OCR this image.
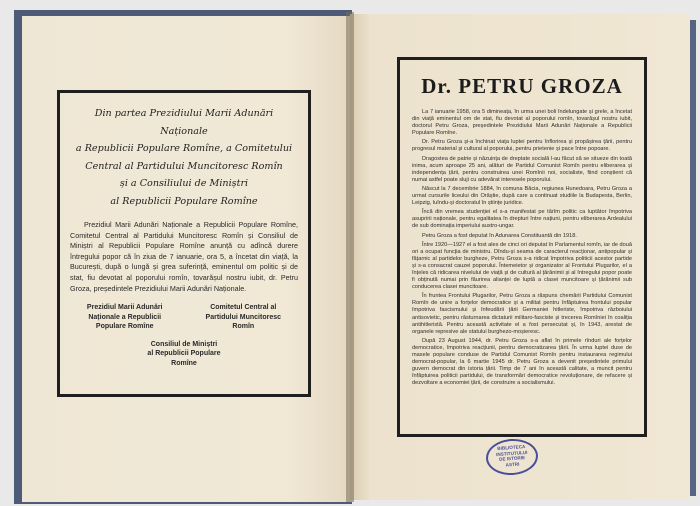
Din partea Prezidiului Marii Adunări Naționale
a Republicii Populare Romîne, a Comitetului
Central al Partidului Muncitoresc Romîn
și a Consiliului de Miniștri
al Republicii Populare Romîne

Prezidiul Marii Adunări Naționale a Republicii Populare Romîne, Comitetul Central al Partidului Muncitoresc Romîn și Consiliul de Miniștri al Republicii Populare Romîne anunță cu adîncă durere întregului popor că în ziua de 7 ianuarie, ora 5, a încetat din viață, la București, după o lungă și grea suferință, eminentul om politic și de stat, fiu devotat al poporului romîn, tovarășul nostru iubit, dr. Petru Groza, președintele Prezidiului Marii Adunări Naționale.
Prezidiul Marii Adunări
Naționale a Republicii
Populare Romîne
Comitetul Central al
Partidului Muncitoresc
Romîn
Consiliul de Miniștri
al Republicii Populare
Romîne
Dr. PETRU GROZA

La 7 ianuarie 1958, ora 5 dimineața, în urma unei boli îndelungate și grele, a încetat din viață eminentul om de stat, fiu devotat al poporului romîn, tovarășul nostru iubit, doctorul Petru Groza, președintele Prezidiului Marii Adunări Naționale a Republicii Populare Romîne.

Dr. Petru Groza și-a închinat viața luptei pentru înflorirea și propășirea țării, pentru progresul material și cultural al poporului, pentru prietenie și pace între popoare.

Dragostea de patrie și năzuința de dreptate socială l-au făcut să se situeze din toată inima, acum aproape 25 ani, alături de Partidul Comunist Romîn pentru eliberarea și independența țării, pentru construirea unei Romînii noi, socialiste, fiind conștient că numai astfel poate sluji cu adevărat interesele poporului.

Născut la 7 decembrie 1884, în comuna Băcia, regiunea Hunedoara, Petru Groza a urmat cursurile liceului din Orăștie, după care a continuat studiile la Budapesta, Berlin, Leipzig, luîndu-și doctoratul în științe juridice.

Încă din vremea studenției el s-a manifestat pe tărîm politic ca luptător împotriva asupririi naționale, pentru egalitatea în drepturi între națiuni, pentru eliberarea Ardealului de sub dominația imperiului austro-ungar.

Petru Groza a fost deputat în Adunarea Constituantă din 1918.

Între 1920—1927 el a fost ales de cinci ori deputat în Parlamentul romîn, iar de două ori a ocupat funcția de ministru. Dîndu-și seama de caracterul reacționar, antipopular și fățarnic al partidelor burgheze, Petru Groza s-a ridicat împotriva politicii acestor partide și s-a consacrat cauzei poporului. Întemeietor și organizator al Frontului Plugarilor, el a înțeles că ridicarea nivelului de viață și de cultură al țărănimii și al întregului popor poate fi obținută numai prin făurirea alianței de luptă a clasei muncitoare și țărănimii sub conducerea clasei muncitoare.

În fruntea Frontului Plugarilor, Petru Groza a răspuns chemării Partidului Comunist Romîn de unire a forțelor democratice și a militat pentru înfăptuirea frontului popular împotriva fascismului și înfeudării țării Germaniei hitleriste, împotriva războiului antisovietic, pentru răsturnarea dictaturii militaro-fasciste și trecerea Romîniei în coaliția antihitleristă. Pentru această activitate el a fost persecutat și, în 1943, arestat de organele represive ale statului burghezo-moșieresc.

După 23 August 1944, dr. Petru Groza s-a aflat în primele rînduri ale forțelor democratice, împotriva reacțiunii, pentru democratizarea țării. În urma luptei duse de masele populare conduse de Partidul Comunist Romîn pentru instaurarea regimului democrat-popular, la 6 martie 1945 dr. Petru Groza a devenit președintele primului guvern democrat din istoria țării. Timp de 7 ani în această calitate, a muncit pentru înfăptuirea politicii partidului, de transformări democratice revoluționare, de refacere și dezvoltare a economiei țării, de construire a socialismului.

BIBLIOTECA
INSTITUTULUI
DE ISTORIE
ASTRI
